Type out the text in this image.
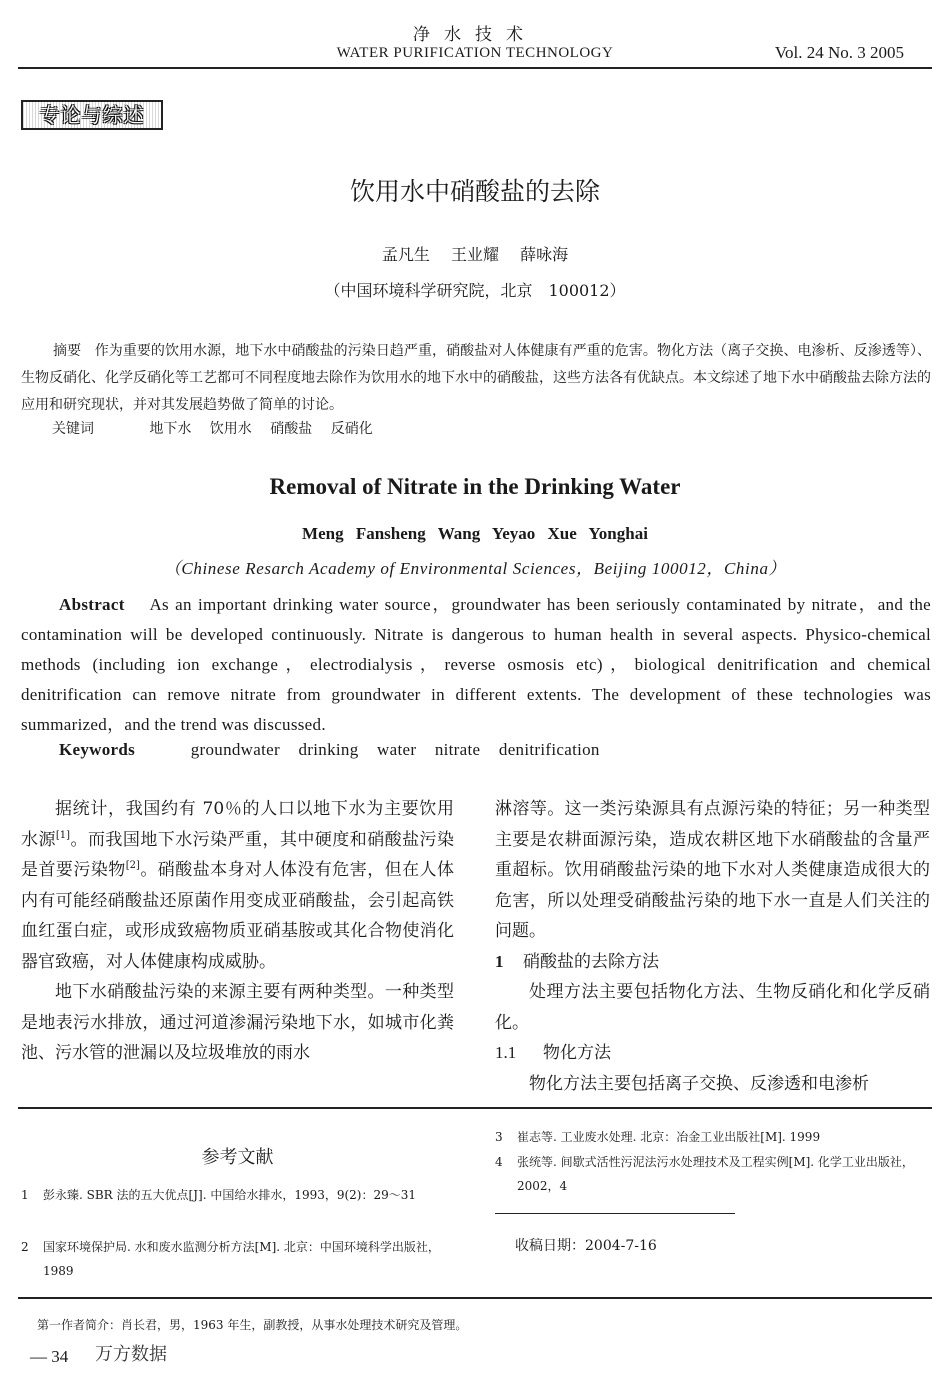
净水技术
WATER PURIFICATION TECHNOLOGY	Vol. 24 No. 3 2005
专论与综述
饮用水中硝酸盐的去除
孟凡生 王业耀 薛咏海
（中国环境科学研究院，北京　100012）
摘要 作为重要的饮用水源，地下水中硝酸盐的污染日趋严重，硝酸盐对人体健康有严重的危害。物化方法（离子交换、电渗析、反渗透等）、生物反硝化、化学反硝化等工艺都可不同程度地去除作为饮用水的地下水中的硝酸盐，这些方法各有优缺点。本文综述了地下水中硝酸盐去除方法的应用和研究现状，并对其发展趋势做了简单的讨论。
关键词	地下水 饮用水 硝酸盐 反硝化
Removal of Nitrate in the Drinking Water
Meng Fansheng Wang Yeyao Xue Yonghai
（Chinese Resarch Academy of Environmental Sciences，Beijing 100012，China）
Abstract As an important drinking water source，groundwater has been seriously contaminated by nitrate，and the contamination will be developed continuously. Nitrate is dangerous to human health in several aspects. Physico-chemical methods (including ion exchange，electrodialysis，reverse osmosis etc)，biological denitrification and chemical denitrification can remove nitrate from groundwater in different extents. The development of these technologies was summarized，and the trend was discussed.
Keywords	groundwater drinking water nitrate denitrification

据统计，我国约有 70％的人口以地下水为主要饮用水源[1]。而我国地下水污染严重，其中硬度和硝酸盐污染是首要污染物[2]。硝酸盐本身对人体没有危害，但在人体内有可能经硝酸盐还原菌作用变成亚硝酸盐，会引起高铁血红蛋白症，或形成致癌物质亚硝基胺或其化合物使消化器官致癌，对人体健康构成威胁。

地下水硝酸盐污染的来源主要有两种类型。一种类型是地表污水排放，通过河道渗漏污染地下水，如城市化粪池、污水管的泄漏以及垃圾堆放的雨水

淋溶等。这一类污染源具有点源污染的特征；另一种类型主要是农耕面源污染，造成农耕区地下水硝酸盐的含量严重超标。饮用硝酸盐污染的地下水对人类健康造成很大的危害，所以处理受硝酸盐污染的地下水一直是人们关注的问题。

1 硝酸盐的去除方法

处理方法主要包括物化方法、生物反硝化和化学反硝化。

1.1 物化方法

物化方法主要包括离子交换、反渗透和电渗析

参考文献
1 彭永臻. SBR 法的五大优点[J]. 中国给水排水，1993，9(2)：29～31
2 国家环境保护局. 水和废水监测分析方法[M]. 北京：中国环境科学出版社，1989
3 崔志等. 工业废水处理. 北京：冶金工业出版社[M]. 1999
4 张统等. 间歇式活性污泥法污水处理技术及工程实例[M]. 化学工业出版社，2002，4
收稿日期：2004-7-16
第一作者简介：肖长君，男，1963 年生，副教授，从事水处理技术研究及管理。
— 34 万方数据
